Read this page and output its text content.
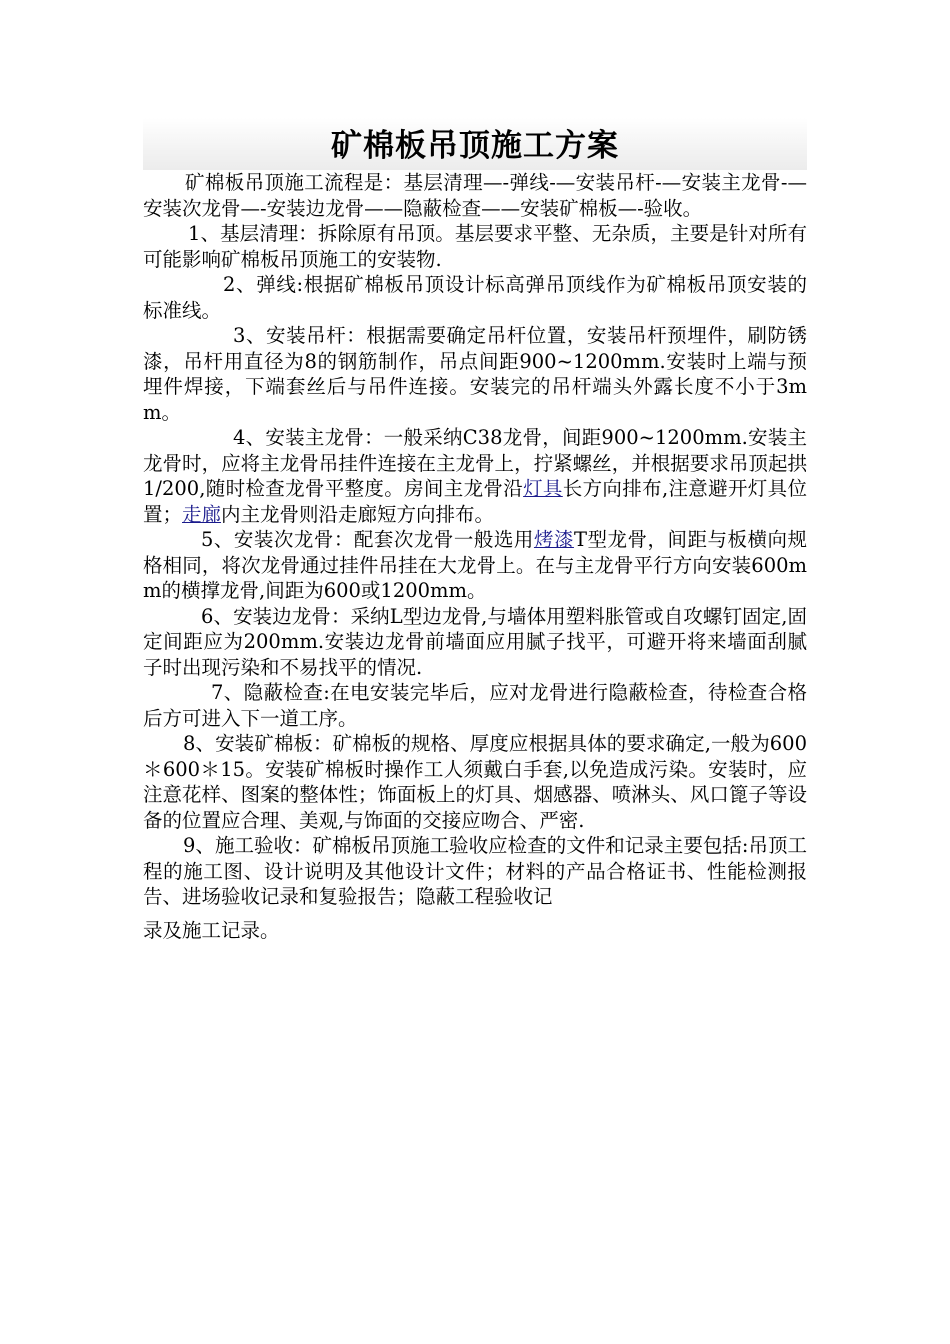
矿棉板吊顶施工方案

矿棉板吊顶施工流程是：基层清理—-弹线-—安装吊杆-—安装主龙骨-—安装次龙骨—-安装边龙骨——隐蔽检查——安装矿棉板—-验收。

1、基层清理：拆除原有吊顶。基层要求平整、无杂质，主要是针对所有可能影响矿棉板吊顶施工的安装物.

2、弹线:根据矿棉板吊顶设计标高弹吊顶线作为矿棉板吊顶安装的标准线。

3、安装吊杆：根据需要确定吊杆位置，安装吊杆预埋件，刷防锈漆，吊杆用直径为8的钢筋制作，吊点间距900~1200mm.安装时上端与预埋件焊接，下端套丝后与吊件连接。安装完的吊杆端头外露长度不小于3mm。

4、安装主龙骨：一般采纳C38龙骨，间距900~1200mm.安装主龙骨时，应将主龙骨吊挂件连接在主龙骨上，拧紧螺丝，并根据要求吊顶起拱1/200,随时检查龙骨平整度。房间主龙骨沿灯具长方向排布,注意避开灯具位置；走廊内主龙骨则沿走廊短方向排布。

5、安装次龙骨：配套次龙骨一般选用烤漆T型龙骨，间距与板横向规格相同，将次龙骨通过挂件吊挂在大龙骨上。在与主龙骨平行方向安装600mm的横撑龙骨,间距为600或1200mm。

6、安装边龙骨：采纳L型边龙骨,与墙体用塑料胀管或自攻螺钉固定,固定间距应为200mm.安装边龙骨前墙面应用腻子找平，可避开将来墙面刮腻子时出现污染和不易找平的情况.

7、隐蔽检查:在电安装完毕后，应对龙骨进行隐蔽检查，待检查合格后方可进入下一道工序。

8、安装矿棉板：矿棉板的规格、厚度应根据具体的要求确定,一般为600＊600＊15。安装矿棉板时操作工人须戴白手套,以免造成污染。安装时，应注意花样、图案的整体性；饰面板上的灯具、烟感器、喷淋头、风口篦子等设备的位置应合理、美观,与饰面的交接应吻合、严密.

9、施工验收：矿棉板吊顶施工验收应检查的文件和记录主要包括:吊顶工程的施工图、设计说明及其他设计文件；材料的产品合格证书、性能检测报告、进场验收记录和复验报告；隐蔽工程验收记

录及施工记录。
